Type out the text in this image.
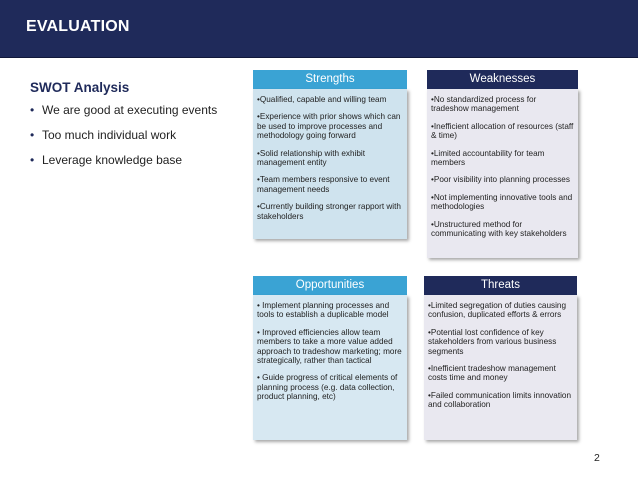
EVALUATION
SWOT Analysis
• We are good at executing events
• Too much individual work
• Leverage knowledge base
Strengths
•Qualified, capable and willing team
•Experience with prior shows which can be used to improve processes and methodology going forward
•Solid relationship with exhibit management entity
•Team members responsive to event management needs
•Currently building stronger rapport with stakeholders
Weaknesses
•No standardized process for tradeshow management
•Inefficient allocation of resources (staff & time)
•Limited accountability for team members
•Poor visibility into planning processes
•Not implementing innovative tools and methodologies
•Unstructured method for communicating with key stakeholders
Opportunities
• Implement planning processes and tools to establish a duplicable model
• Improved efficiencies allow team members to take a more value added approach to tradeshow marketing; more strategically, rather than tactical
• Guide progress of critical elements of planning process (e.g. data collection, product planning, etc)
Threats
•Limited segregation of duties causing confusion, duplicated efforts & errors
•Potential lost confidence of key stakeholders from various business segments
•Inefficient tradeshow management costs time and money
•Failed communication limits innovation and collaboration
2
